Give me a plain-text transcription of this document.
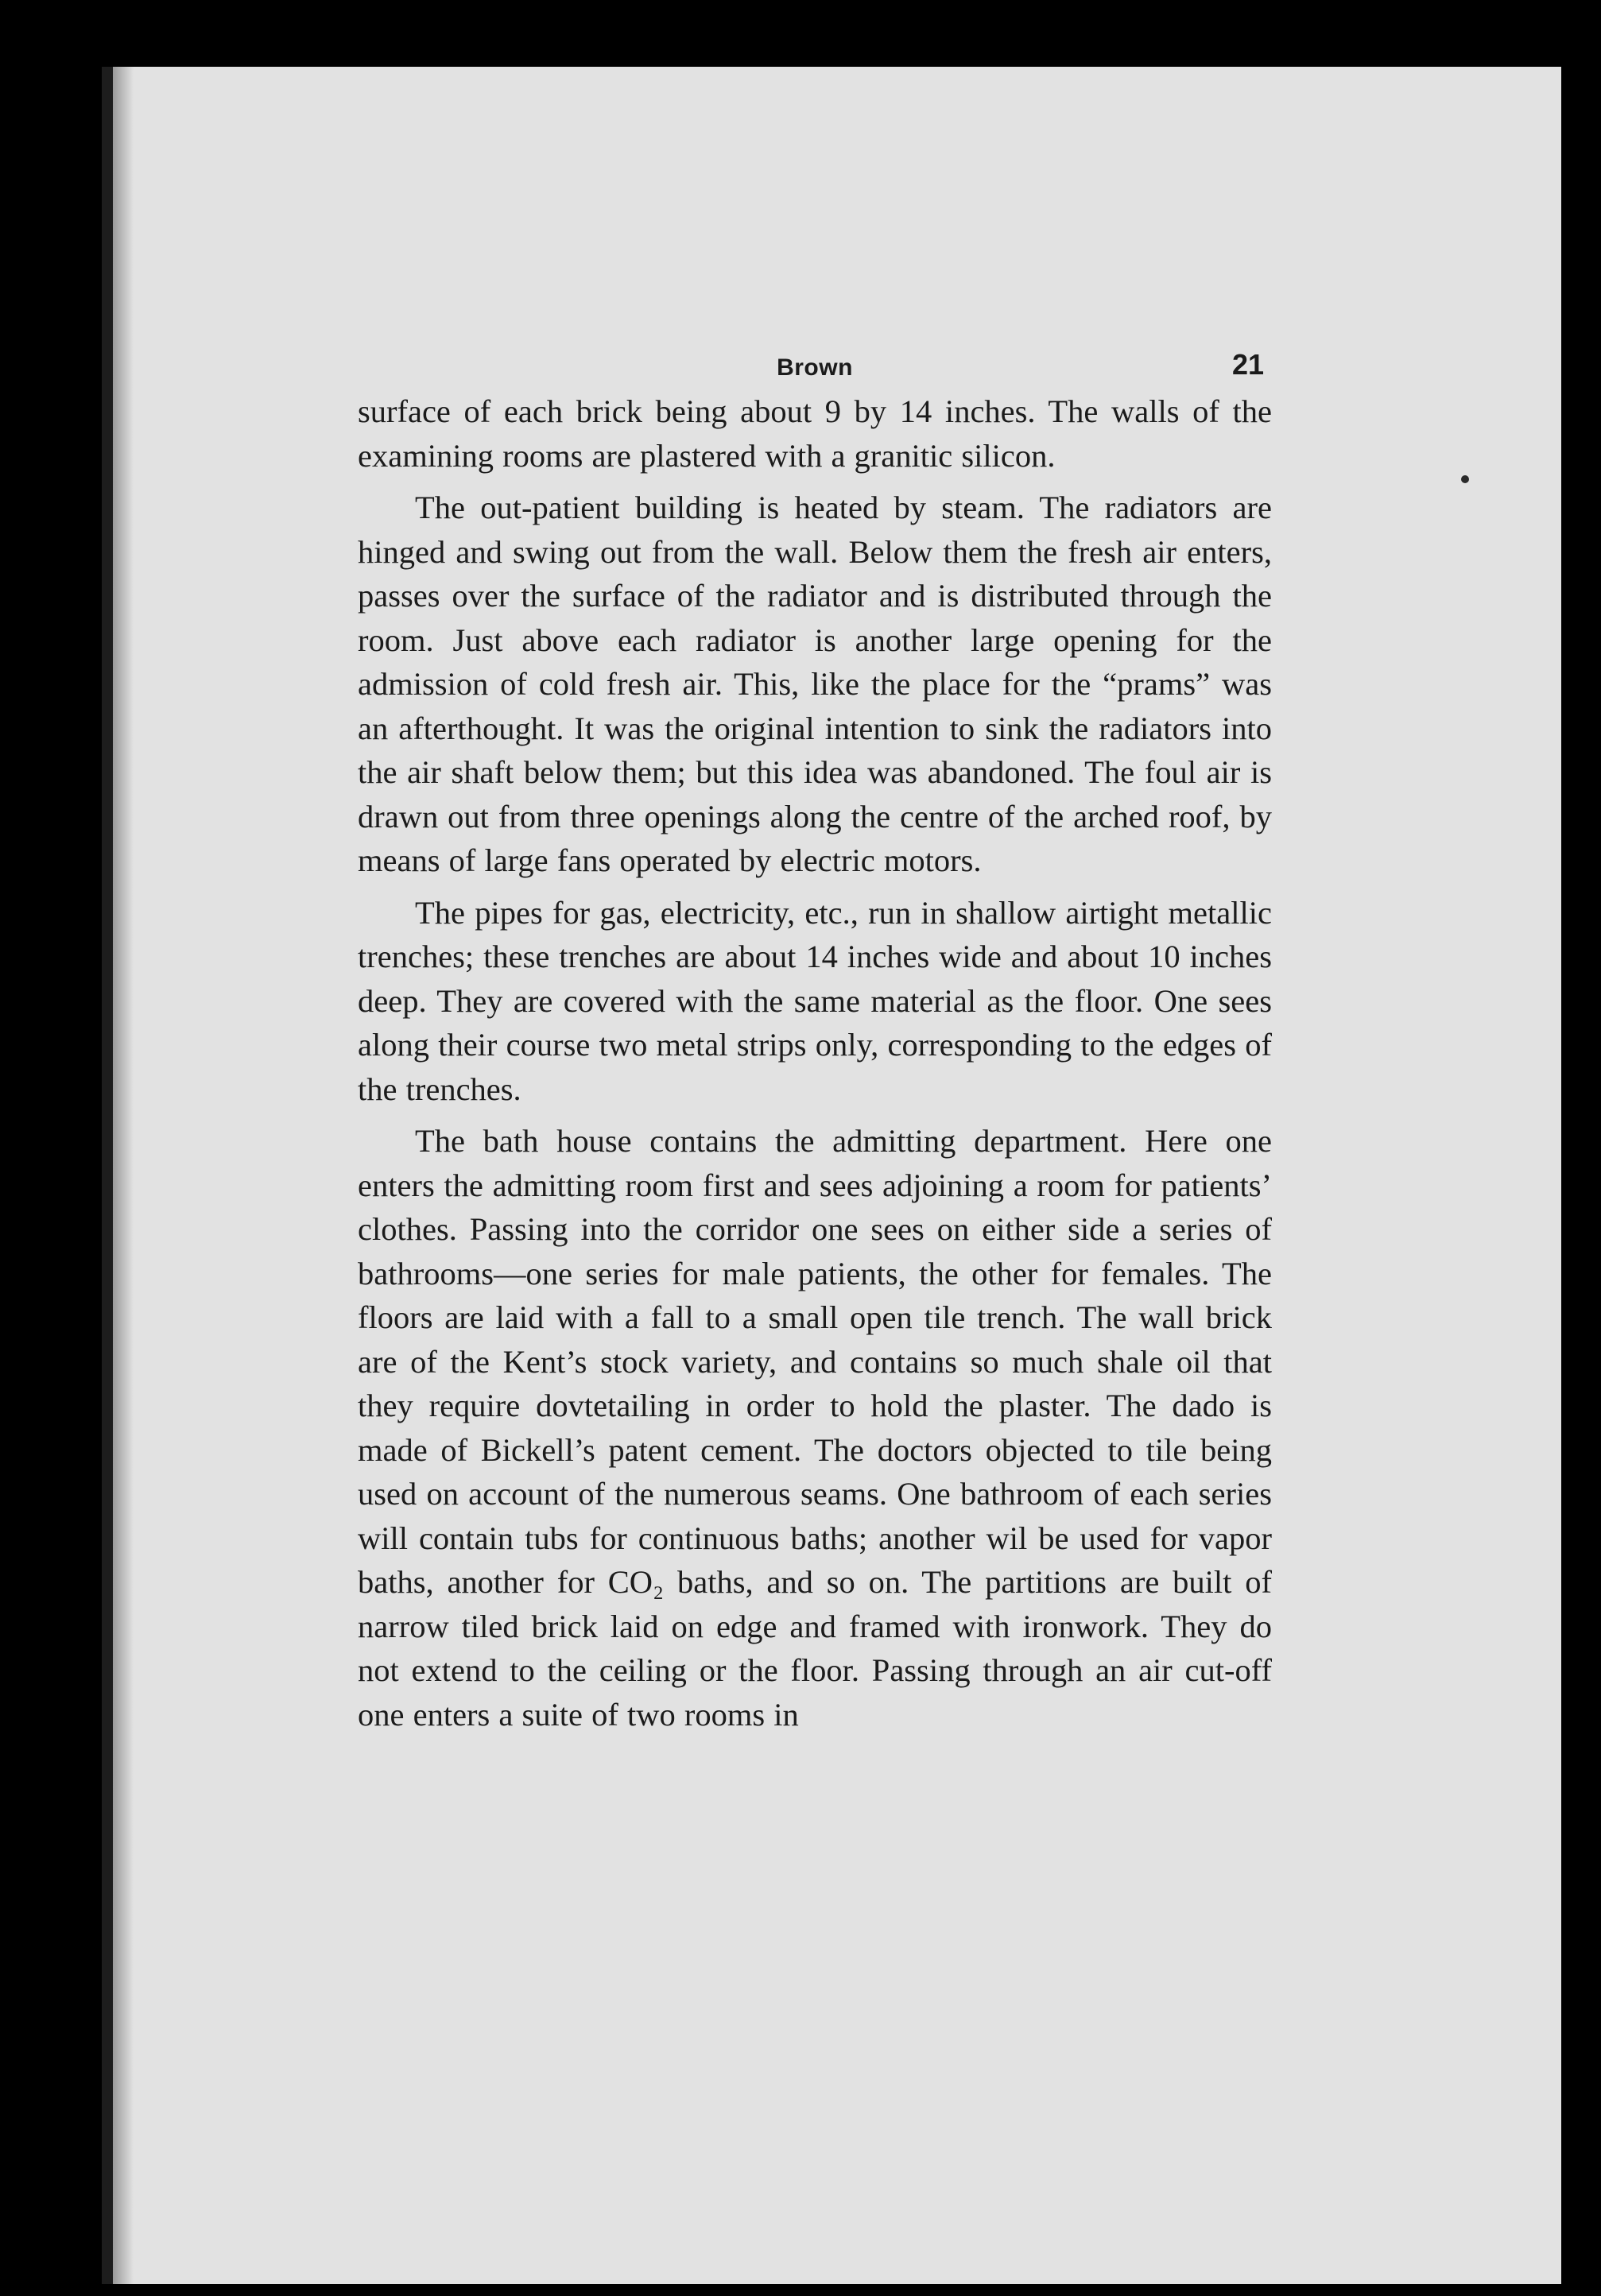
Brown	21

surface of each brick being about 9 by 14 inches. The walls of the examining rooms are plastered with a granitic silicon.

The out-patient building is heated by steam. The radiators are hinged and swing out from the wall. Below them the fresh air enters, passes over the surface of the radiator and is distributed through the room. Just above each radiator is another large opening for the admission of cold fresh air. This, like the place for the “prams” was an afterthought. It was the original intention to sink the radiators into the air shaft below them; but this idea was abandoned. The foul air is drawn out from three openings along the centre of the arched roof, by means of large fans operated by electric motors.

The pipes for gas, electricity, etc., run in shallow airtight metallic trenches; these trenches are about 14 inches wide and about 10 inches deep. They are covered with the same material as the floor. One sees along their course two metal strips only, corresponding to the edges of the trenches.

The bath house contains the admitting department. Here one enters the admitting room first and sees adjoining a room for patients’ clothes. Passing into the corridor one sees on either side a series of bathrooms—one series for male patients, the other for females. The floors are laid with a fall to a small open tile trench. The wall brick are of the Kent’s stock variety, and contains so much shale oil that they require dovtetailing in order to hold the plaster. The dado is made of Bickell’s patent cement. The doctors objected to tile being used on account of the numerous seams. One bathroom of each series will contain tubs for continuous baths; another wil be used for vapor baths, another for CO₂ baths, and so on. The partitions are built of narrow tiled brick laid on edge and framed with ironwork. They do not extend to the ceiling or the floor. Passing through an air cut-off one enters a suite of two rooms in
